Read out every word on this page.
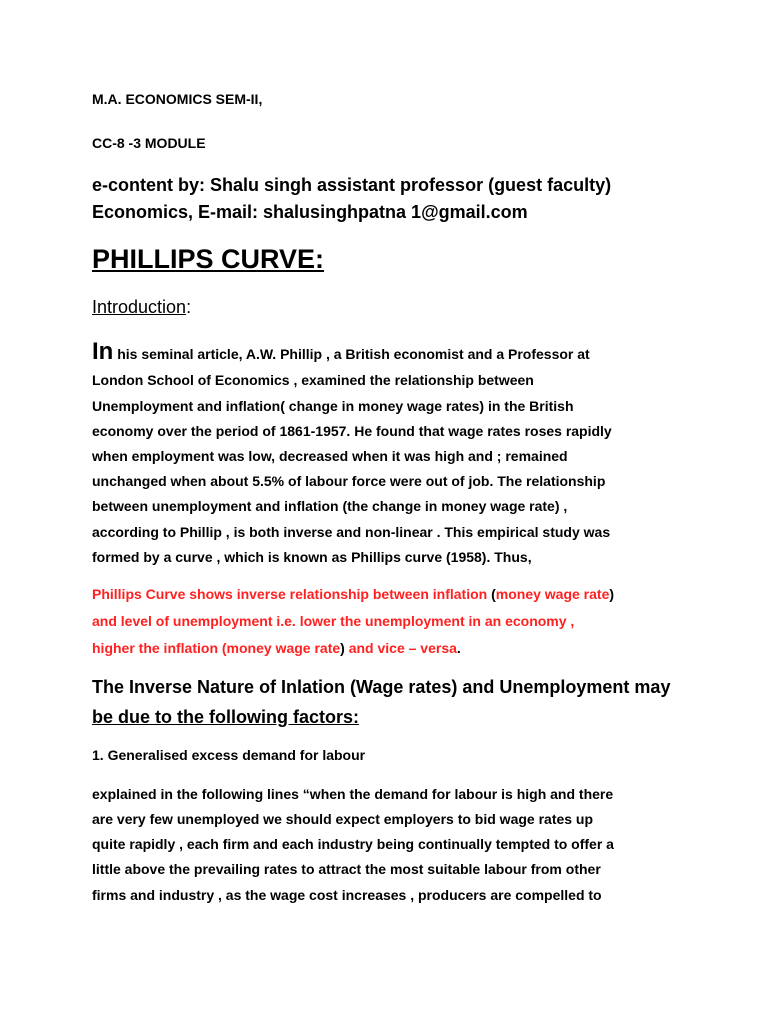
M.A. ECONOMICS SEM-II,
CC-8 -3 MODULE
e-content by: Shalu singh assistant professor (guest faculty)
Economics, E-mail: shalusinghpatna 1@gmail.com
PHILLIPS CURVE:
Introduction:
In his seminal article, A.W. Phillip , a British economist and a Professor at
London School of Economics , examined the relationship between
Unemployment and inflation( change in money wage rates) in the British
economy over the period of 1861-1957. He found that wage rates roses rapidly
when employment was low, decreased when it was high and ; remained
unchanged when about 5.5% of labour force were out of job. The relationship
between unemployment and inflation (the change in money wage rate) ,
according to Phillip , is both inverse and non-linear . This empirical study was
formed by a curve , which is known as Phillips curve (1958). Thus,
Phillips Curve shows inverse relationship between inflation (money wage rate)
and level of unemployment i.e. lower the unemployment in an economy ,
higher the inflation (money wage rate) and vice – versa.
The Inverse Nature of Inlation (Wage rates) and Unemployment may
be due to the following factors:
1. Generalised excess demand for labour
explained in the following lines “when the demand for labour is high and there
are very few unemployed we should expect employers to bid wage rates up
quite rapidly , each firm and each industry being continually tempted to offer a
little above the prevailing rates to attract the most suitable labour from other
firms and industry , as the wage cost increases , producers are compelled to
